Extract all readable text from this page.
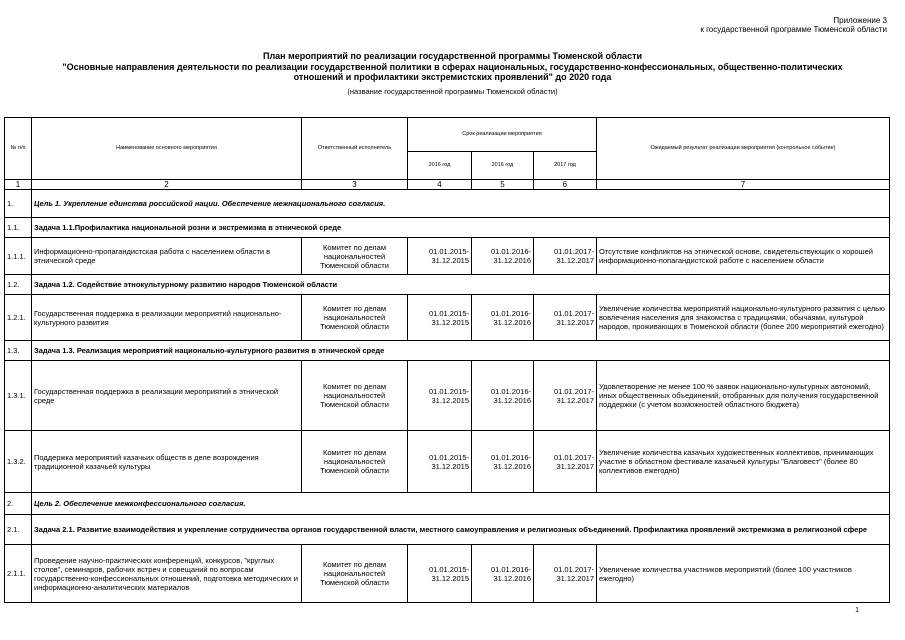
Приложение 3
к государственной программе Тюменской области
План мероприятий по реализации государственной программы Тюменской области
"Основные направления деятельности по реализации государственной политики в сферах национальных, государственно-конфессиональных, общественно-политических
отношений и профилактики экстремистских проявлений" до 2020 года
(название государственной программы Тюменской области)
№ п/п	Наименование основного мероприятия	Ответственный исполнитель	Срок реализации мероприятия			Ожидаемый результат реализации мероприятия (контрольное событие)
			2016 год	2016 год	2017 год	
1	2	3	4	5	6	7
1.	Цель 1. Укрепление единства российской нации. Обеспечение межнационального согласия.					
1.1.	Задача 1.1.Профилактика национальной розни и экстремизма в этнической среде					
1.1.1.	Информационно-пропагандистская работа с населением области в этнической среде	Комитет по делам национальностей Тюменской области	01.01.2015-31.12.2015	01.01.2016-31.12.2016	01.01.2017-31.12.2017	Отсутствие конфликтов на этнической основе, свидетельствующих о хорошей информационно-попагандистской работе с населением области
1.2.	Задача 1.2. Содействие этнокультурному развитию народов Тюменской области					
1.2.1.	Государственная поддержка в реализации мероприятий национально-культурного развития	Комитет по делам национальностей Тюменской области	01.01.2015-31.12.2015	01.01.2016-31.12.2016	01.01.2017-31.12.2017	Увеличение количества мероприятий национально-культурного развития с целью вовлечения населения для знакомства с традициями, обычаями, культурой народов, проживающих в Тюменской области (более 200 мероприятий ежегодно)
1.3.	Задача 1.3. Реализация мероприятий национально-культурного развития в этнической среде					
1.3.1.	Государственная поддержка в реализации мероприятий в этнической среде	Комитет по делам национальностей Тюменской области	01.01.2015-31.12.2015	01.01.2016-31.12.2016	01.01.2017-31.12.2017	Удовлетворение не менее 100 % заявок национально-культурных автономий, иных общественных объединений, отобранных для получения государственной поддержки (с учетом возможностей областного бюджета)
1.3.2.	Поддержка мероприятий казачьих обществ в деле возрождения традиционной казачьей культуры	Комитет по делам национальностей Тюменской области	01.01.2015-31.12.2015	01.01.2016-31.12.2016	01.01.2017-31.12.2017	Увеличение количества казачьих художественных коллективов, принимающих участие в областном фестивале казачьей культуры "Благовест" (более 80 коллективов ежегодно)
2.	Цель 2. Обеспечение межконфессионального согласия.					
2.1.	Задача 2.1. Развитие взаимодействия и укрепление сотрудничества органов государственной власти, местного самоуправления и религиозных объединений. Профилактика проявлений экстремизма в религиозной сфере					
2.1.1.	Проведение научно-практических конференций, конкурсов, "круглых столов", семинаров, рабочих встреч и совещаний по вопросам государственно-конфессиональных отношений, подготовка методических и информационно-аналитических материалов	Комитет по делам национальностей Тюменской области	01.01.2015-31.12.2015	01.01.2016-31.12.2016	01.01.2017-31.12.2017	Увеличение количества участников мероприятий (более 100 участников ежегодно)
1
